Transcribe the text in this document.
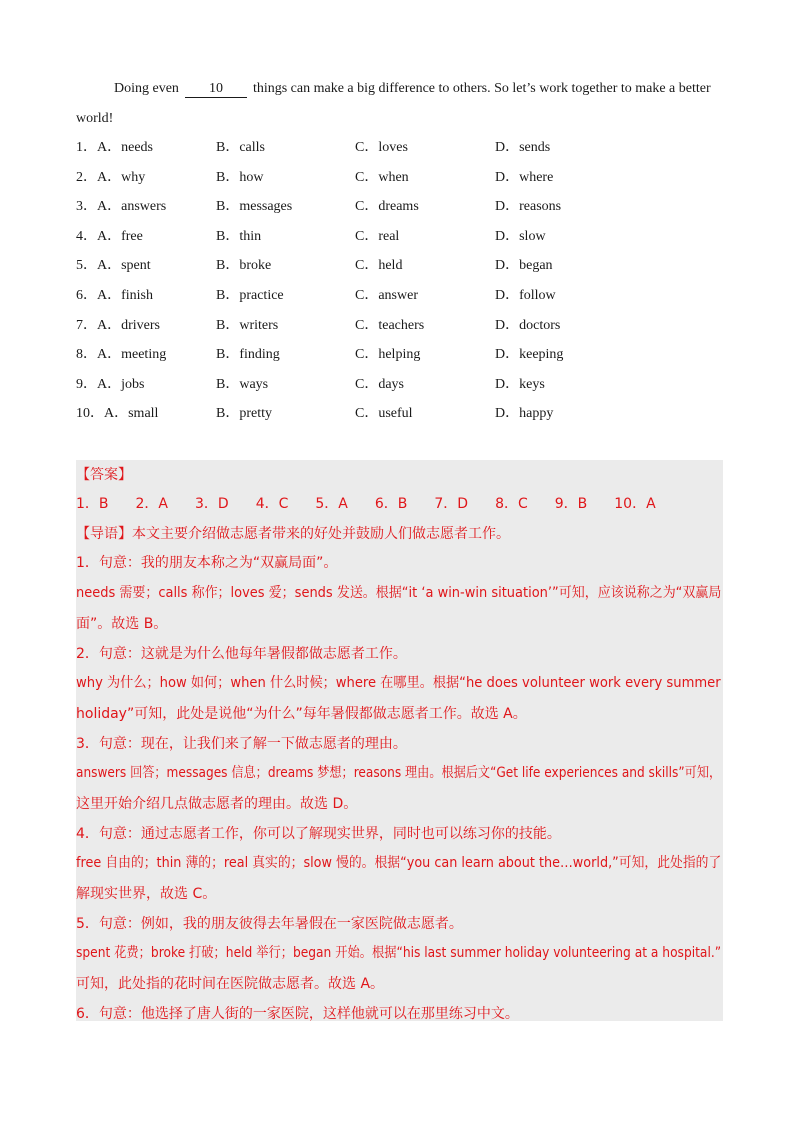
Doing even 10 things can make a big difference to others. So let’s work together to make a better
world!
1．A．needs	B．calls	C．loves	D．sends
2．A．why	B．how	C．when	D．where
3．A．answers	B．messages	C．dreams	D．reasons
4．A．free	B．thin	C．real	D．slow
5．A．spent	B．broke	C．held	D．began
6．A．finish	B．practice	C．answer	D．follow
7．A．drivers	B．writers	C．teachers	D．doctors
8．A．meeting	B．finding	C．helping	D．keeping
9．A．jobs	B．ways	C．days	D．keys
10．A．small	B．pretty	C．useful	D．happy
【答案】
1．B 2．A 3．D 4．C 5．A 6．B 7．D 8．C 9．B 10．A
【导语】本文主要介绍做志愿者带来的好处并鼓励人们做志愿者工作。
1．句意：我的朋友本称之为“双赢局面”。
needs 需要；calls 称作；loves 爱；sends 发送。根据“it ‘a win-win situation’”可知，应该说称之为“双赢局
面”。故选 B。
2．句意：这就是为什么他每年暑假都做志愿者工作。
why 为什么；how 如何；when 什么时候；where 在哪里。根据“he does volunteer work every summer
holiday”可知，此处是说他“为什么”每年暑假都做志愿者工作。故选 A。
3．句意：现在，让我们来了解一下做志愿者的理由。
answers 回答；messages 信息；dreams 梦想；reasons 理由。根据后文“Get life experiences and skills”可知，
这里开始介绍几点做志愿者的理由。故选 D。
4．句意：通过志愿者工作，你可以了解现实世界，同时也可以练习你的技能。
free 自由的；thin 薄的；real 真实的；slow 慢的。根据“you can learn about the…world,”可知，此处指的了
解现实世界，故选 C。
5．句意：例如，我的朋友彼得去年暑假在一家医院做志愿者。
spent 花费；broke 打破；held 举行；began 开始。根据“his last summer holiday volunteering at a hospital.”
可知，此处指的花时间在医院做志愿者。故选 A。
6．句意：他选择了唐人街的一家医院，这样他就可以在那里练习中文。
